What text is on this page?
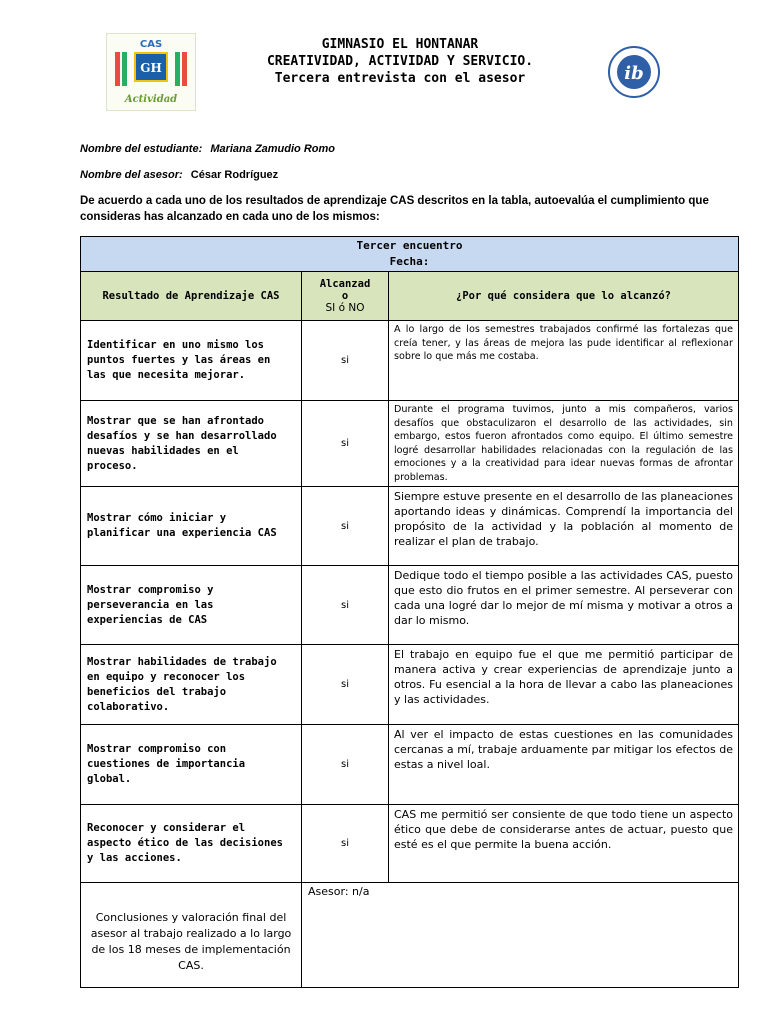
CAS
GH
Actividad
GIMNASIO EL HONTANAR
CREATIVIDAD, ACTIVIDAD Y SERVICIO.
Tercera entrevista con el asesor	ib
Nombre del estudiante: Mariana Zamudio Romo
Nombre del asesor: César Rodríguez
De acuerdo a cada uno de los resultados de aprendizaje CAS descritos en la tabla, autoevalúa el cumplimiento que consideras has alcanzado en cada uno de los mismos:
Tercer encuentro
Fecha:		

Resultado de Aprendizaje CAS	Alcanzad
o
SI ó NO	¿Por qué considera que lo alcanzó?
Identificar en uno mismo los puntos fuertes y las áreas en las que necesita mejorar.	si	A lo largo de los semestres trabajados confirmé las fortalezas que creía tener, y las áreas de mejora las pude identificar al reflexionar sobre lo que más me costaba.
Mostrar que se han afrontado desafíos y se han desarrollado nuevas habilidades en el proceso.	si	Durante el programa tuvimos, junto a mis compañeros, varios desafíos que obstaculizaron el desarrollo de las actividades, sin embargo, estos fueron afrontados como equipo. El último semestre logré desarrollar habilidades relacionadas con la regulación de las emociones y a la creatividad para idear nuevas formas de afrontar problemas.
Mostrar cómo iniciar y planificar una experiencia CAS	si	Siempre estuve presente en el desarrollo de las planeaciones aportando ideas y dinámicas. Comprendí la importancia del propósito de la actividad y la población al momento de realizar el plan de trabajo.
Mostrar compromiso y perseverancia en las experiencias de CAS	si	Dedique todo el tiempo posible a las actividades CAS, puesto que esto dio frutos en el primer semestre. Al perseverar con cada una logré dar lo mejor de mí misma y motivar a otros a dar lo mismo.
Mostrar habilidades de trabajo en equipo y reconocer los beneficios del trabajo colaborativo.	si	El trabajo en equipo fue el que me permitió participar de manera activa y crear experiencias de aprendizaje junto a otros. Fu esencial a la hora de llevar a cabo las planeaciones y las actividades.
Mostrar compromiso con cuestiones de importancia global.	si	Al ver el impacto de estas cuestiones en las comunidades cercanas a mí, trabaje arduamente par mitigar los efectos de estas a nivel loal.
Reconocer y considerar el aspecto ético de las decisiones y las acciones.	si	CAS me permitió ser consiente de que todo tiene un aspecto ético que debe de considerarse antes de actuar, puesto que esté es el que permite la buena acción.
Conclusiones y valoración final del asesor al trabajo realizado a lo largo de los 18 meses de implementación CAS.	Asesor: n/a	
